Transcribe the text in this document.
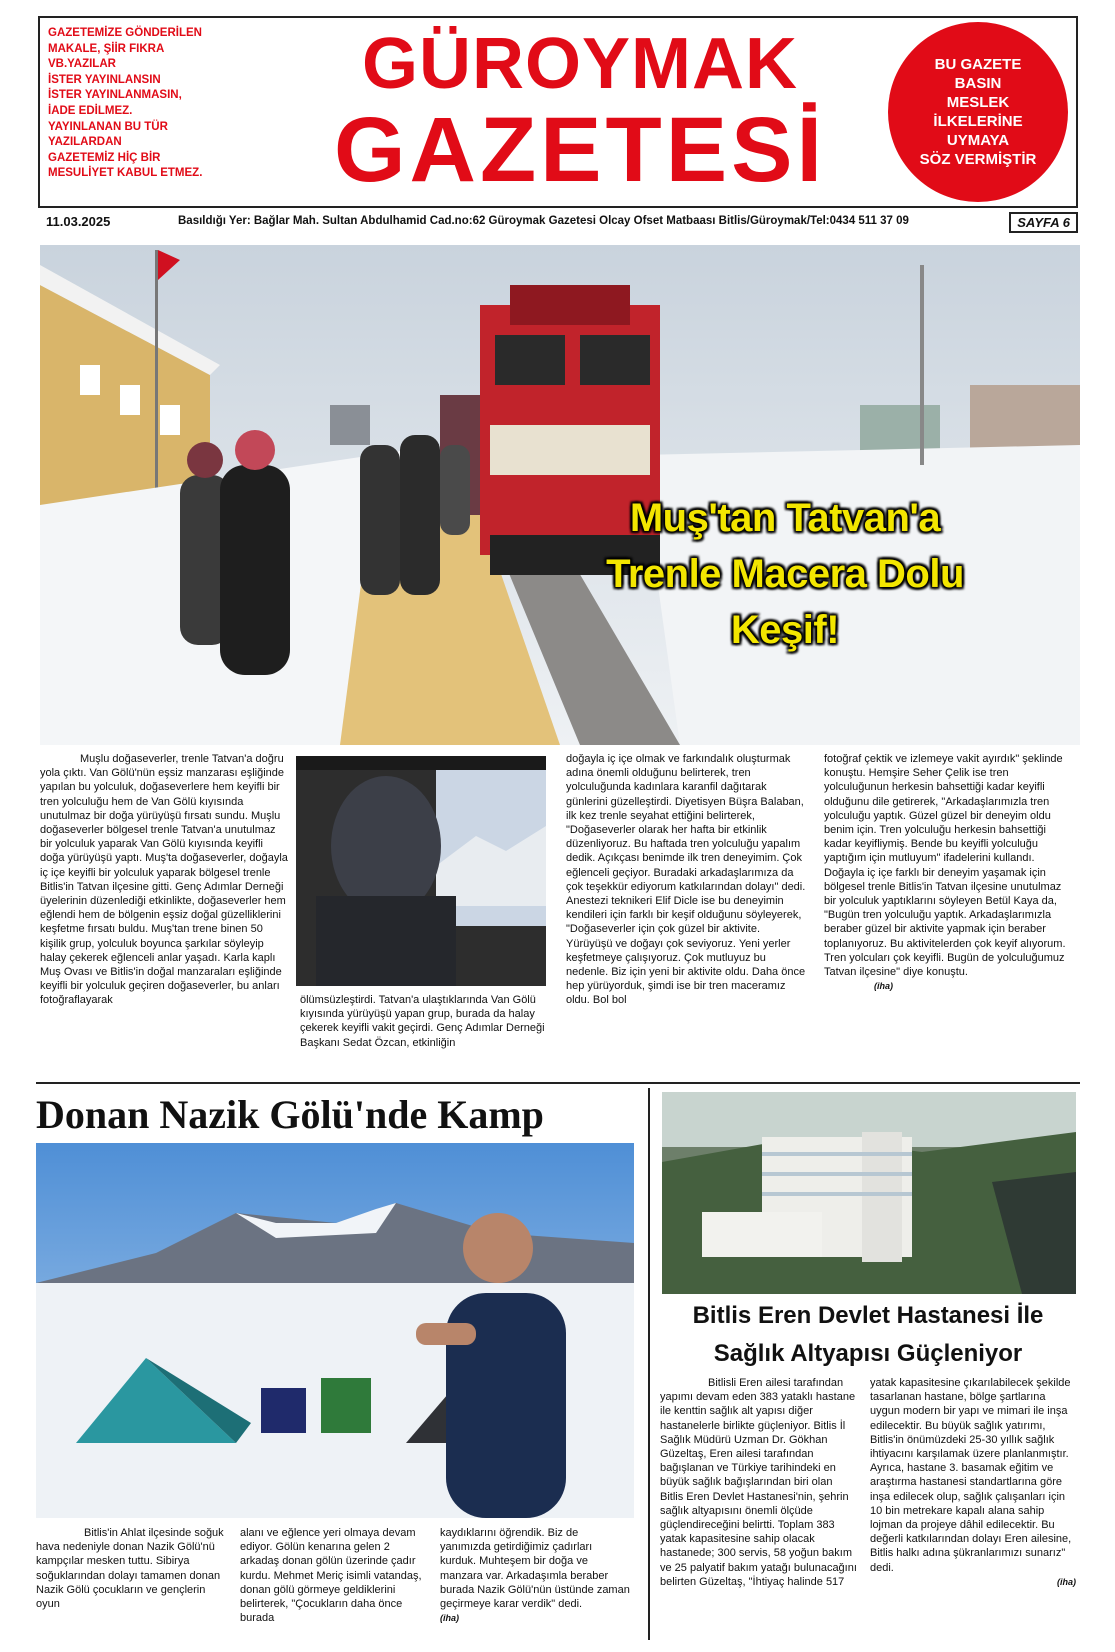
GAZETEMİZE GÖNDERİLEN
MAKALE, ŞİİR FIKRA
VB.YAZILAR
İSTER YAYINLANSIN
İSTER YAYINLANMASIN,
İADE EDİLMEZ.
YAYINLANAN BU TÜR
YAZILARDAN
GAZETEMİZ HİÇ BİR
MESULİYET KABUL ETMEZ.
GÜROYMAK
GAZETESİ
BU GAZETE
BASIN
MESLEK
İLKELERİNE
UYMAYA
SÖZ VERMİŞTİR
11.03.2025	Basıldığı Yer: Bağlar Mah. Sultan Abdulhamid Cad.no:62 Güroymak Gazetesi Olcay Ofset Matbaası Bitlis/Güroymak/Tel:0434 511 37 09	SAYFA 6
Muş'tan Tatvan'a
Trenle Macera Dolu
Keşif!

Muşlu doğaseverler, trenle Tatvan'a doğru yola çıktı. Van Gölü'nün eşsiz manzarası eşliğinde yapılan bu yolculuk, doğaseverlere hem keyifli bir tren yolculuğu hem de Van Gölü kıyısında unutulmaz bir doğa yürüyüşü fırsatı sundu. Muşlu doğaseverler bölgesel trenle Tatvan'a unutulmaz bir yolculuk yaparak Van Gölü kıyısında keyifli doğa yürüyüşü yaptı. Muş'ta doğaseverler, doğayla iç içe keyifli bir yolculuk yaparak bölgesel trenle Bitlis'in Tatvan ilçesine gitti. Genç Adımlar Derneği üyelerinin düzenlediği etkinlikte, doğaseverler hem eğlendi hem de bölgenin eşsiz doğal güzelliklerini keşfetme fırsatı buldu. Muş'tan trene binen 50 kişilik grup, yolculuk boyunca şarkılar söyleyip halay çekerek eğlenceli anlar yaşadı. Karla kaplı Muş Ovası ve Bitlis'in doğal manzaraları eşliğinde keyifli bir yolculuk geçiren doğaseverler, bu anları fotoğraflayarak	ölümsüzleştirdi. Tatvan'a ulaştıklarında Van Gölü kıyısında yürüyüşü yapan grup, burada da halay çekerek keyifli vakit geçirdi. Genç Adımlar Derneği Başkanı Sedat Özcan, etkinliğin

doğayla iç içe olmak ve farkındalık oluşturmak adına önemli olduğunu belirterek, tren yolculuğunda kadınlara karanfil dağıtarak günlerini güzelleştirdi. Diyetisyen Büşra Balaban, ilk kez trenle seyahat ettiğini belirterek, "Doğaseverler olarak her hafta bir etkinlik düzenliyoruz. Bu haftada tren yolculuğu yapalım dedik. Açıkçası benimde ilk tren deneyimim. Çok eğlenceli geçiyor. Buradaki arkadaşlarımıza da çok teşekkür ediyorum katkılarından dolayı" dedi. Anestezi teknikeri Elif Dicle ise bu deneyimin kendileri için farklı bir keşif olduğunu söyleyerek, "Doğaseverler için çok güzel bir aktivite. Yürüyüşü ve doğayı çok seviyoruz. Yeni yerler keşfetmeye çalışıyoruz. Çok mutluyuz bu nedenle. Biz için yeni bir aktivite oldu. Daha önce hep yürüyorduk, şimdi ise bir tren maceramız oldu. Bol bol

fotoğraf çektik ve izlemeye vakit ayırdık" şeklinde konuştu. Hemşire Seher Çelik ise tren yolculuğunun herkesin bahsettiği kadar keyifli olduğunu dile getirerek, "Arkadaşlarımızla tren yolculuğu yaptık. Güzel güzel bir deneyim oldu benim için. Tren yolculuğu herkesin bahsettiği kadar keyifliymiş. Bende bu keyifli yolculuğu yaptığım için mutluyum" ifadelerini kullandı. Doğayla iç içe farklı bir deneyim yaşamak için bölgesel trenle Bitlis'in Tatvan ilçesine unutulmaz bir yolculuk yaptıklarını söyleyen Betül Kaya da, "Bugün tren yolculuğu yaptık. Arkadaşlarımızla beraber güzel bir aktivite yapmak için beraber toplanıyoruz. Bu aktivitelerden çok keyif alıyorum. Tren yolcuları çok keyifli. Bugün de yolculuğumuz Tatvan ilçesine" diye konuştu.

(iha)
Donan Nazik Gölü'nde Kamp

Bitlis'in Ahlat ilçesinde soğuk hava nedeniyle donan Nazik Gölü'nü kampçılar mesken tuttu. Sibirya soğuklarından dolayı tamamen donan Nazik Gölü çocukların ve gençlerin oyun

alanı ve eğlence yeri olmaya devam ediyor. Gölün kenarına gelen 2 arkadaş donan gölün üzerinde çadır kurdu. Mehmet Meriç isimli vatandaş, donan gölü görmeye geldiklerini belirterek, "Çocukların daha önce burada

kaydıklarını öğrendik. Biz de yanımızda getirdiğimiz çadırları kurduk. Muhteşem bir doğa ve manzara var. Arkadaşımla beraber burada Nazik Gölü'nün üstünde zaman geçirmeye karar verdik" dedi.

(iha)
Bitlis Eren Devlet Hastanesi İle
Sağlık Altyapısı Güçleniyor

Bitlisli Eren ailesi tarafından yapımı devam eden 383 yataklı hastane ile kenttin sağlık alt yapısı diğer hastanelerle birlikte güçleniyor. Bitlis İl Sağlık Müdürü Uzman Dr. Gökhan Güzeltaş, Eren ailesi tarafından bağışlanan ve Türkiye tarihindeki en büyük sağlık bağışlarından biri olan Bitlis Eren Devlet Hastanesi'nin, şehrin sağlık altyapısını önemli ölçüde güçlendireceğini belirtti. Toplam 383 yatak kapasitesine sahip olacak hastanede; 300 servis, 58 yoğun bakım ve 25 palyatif bakım yatağı bulunacağını belirten Güzeltaş, "İhtiyaç halinde 517

yatak kapasitesine çıkarılabilecek şekilde tasarlanan hastane, bölge şartlarına uygun modern bir yapı ve mimari ile inşa edilecektir. Bu büyük sağlık yatırımı, Bitlis'in önümüzdeki 25-30 yıllık sağlık ihtiyacını karşılamak üzere planlanmıştır. Ayrıca, hastane 3. basamak eğitim ve araştırma hastanesi standartlarına göre inşa edilecek olup, sağlık çalışanları için 10 bin metrekare kapalı alana sahip lojman da projeye dâhil edilecektir. Bu değerli katkılarından dolayı Eren ailesine, Bitlis halkı adına şükranlarımızı sunarız" dedi.

(iha)
